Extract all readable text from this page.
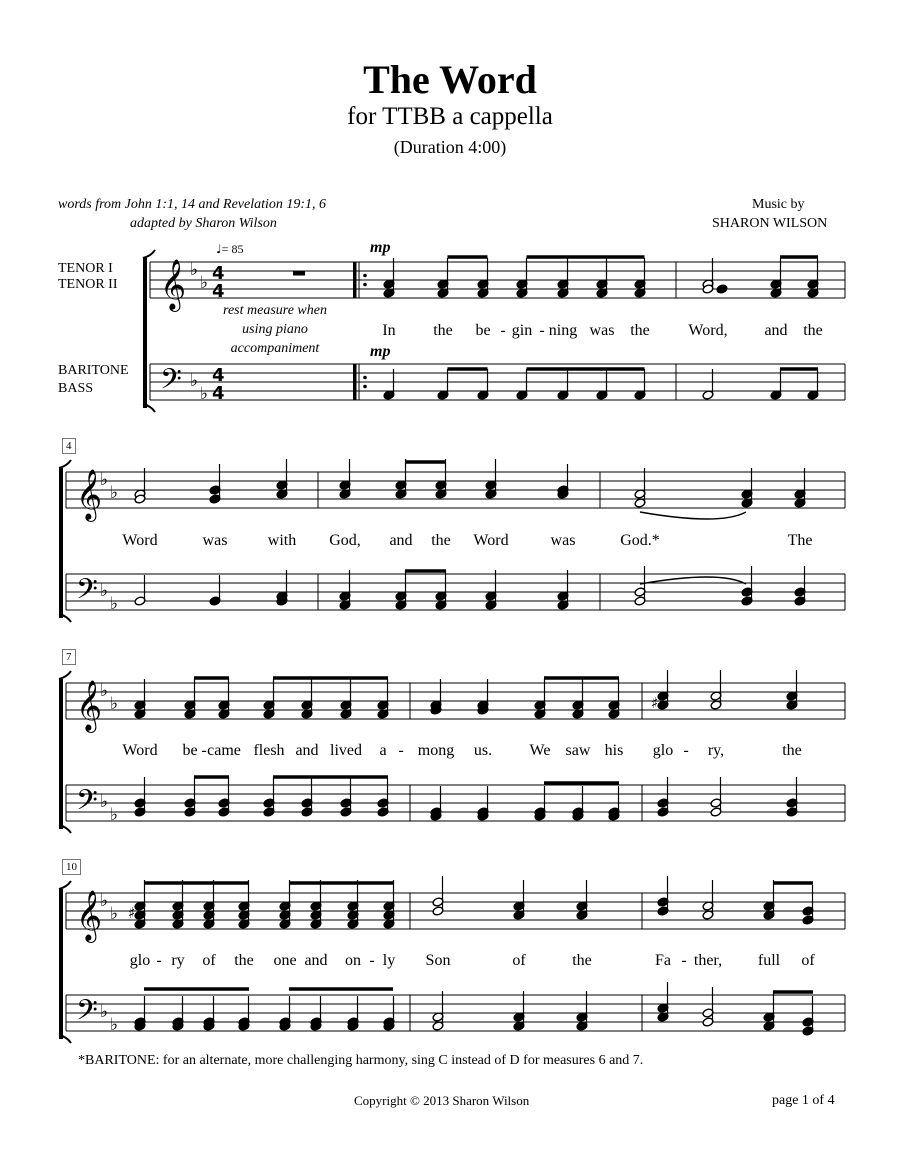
The Word
for TTBB a cappella
(Duration 4:00)
words from John 1:1, 14 and Revelation 19:1, 6
adapted by Sharon Wilson
Music by
SHARON WILSON
TENOR I
TENOR II
BARITONE
BASS
♩= 85	mp
mp
rest measure when
using piano
accompaniment
4
7
10
𝄞
𝄢
♭
♭
♭
♭
4
4
4
4
𝄞
𝄢
♭
♭
♭
♭
𝄞
𝄢
♭
♭
♭
♭
𝄞
𝄢
♭
♭
♭
♭
♯
♯
In the be - gin - ning was the Word, and the
Word	was	with God, and the Word	was	God.*	The
Word be - came flesh and lived a - mong us. We saw his glo - ry,	the
glo - ry of the one and on - ly Son	of	the	Fa - ther, full of
*BARITONE: for an alternate, more challenging harmony, sing C instead of D for measures 6 and 7.
Copyright © 2013 Sharon Wilson	page 1 of 4
